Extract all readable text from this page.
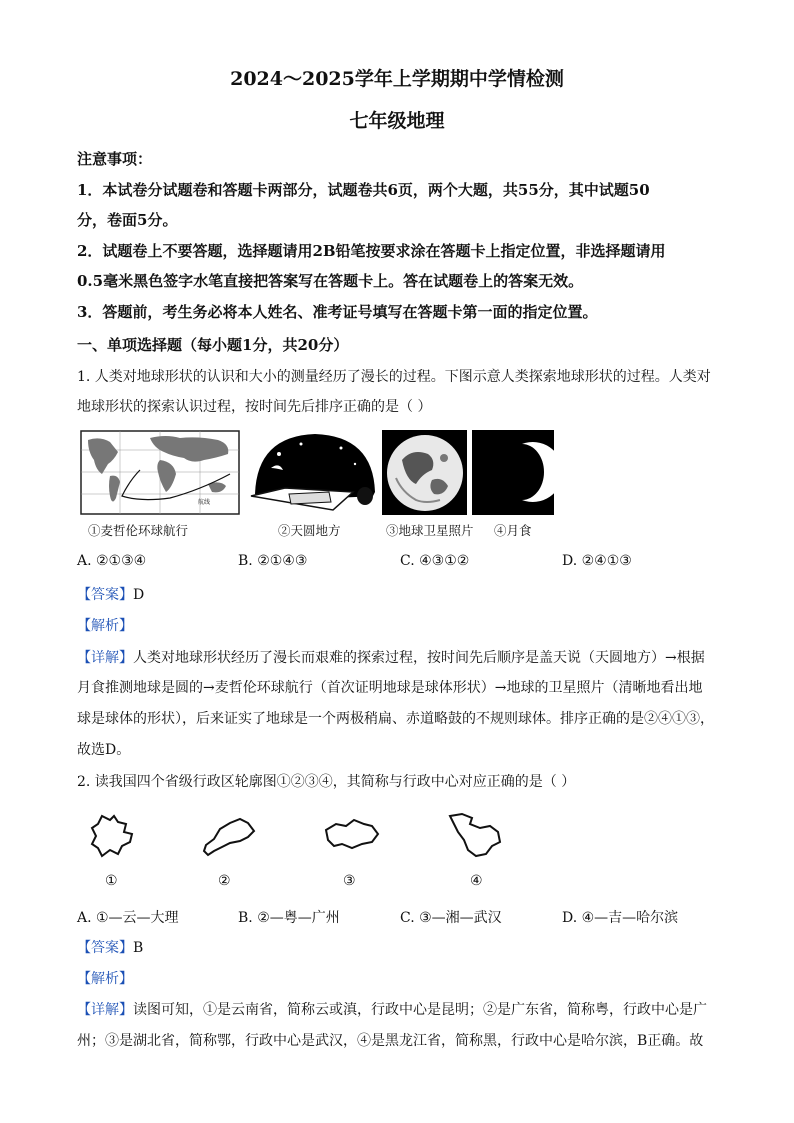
2024～2025学年上学期期中学情检测
七年级地理
注意事项：
1．本试卷分试题卷和答题卡两部分，试题卷共6页，两个大题，共55分，其中试题50
分，卷面5分。
2．试题卷上不要答题，选择题请用2B铅笔按要求涂在答题卡上指定位置，非选择题请用
0.5毫米黑色签字水笔直接把答案写在答题卡上。答在试题卷上的答案无效。
3．答题前，考生务必将本人姓名、准考证号填写在答题卡第一面的指定位置。
一、单项选择题（每小题1分，共20分）
1. 人类对地球形状的认识和大小的测量经历了漫长的过程。下图示意人类探索地球形状的过程。人类对
地球形状的探索认识过程，按时间先后排序正确的是（ ）
航线
①麦哲伦环球航行	②天圆地方	③地球卫星照片 ④月食
A. ②①③④	B. ②①④③	C. ④③①②	D. ②④①③
【答案】D
【解析】
【详解】人类对地球形状经历了漫长而艰难的探索过程，按时间先后顺序是盖天说（天圆地方）→根据
月食推测地球是圆的→麦哲伦环球航行（首次证明地球是球体形状）→地球的卫星照片（清晰地看出地
球是球体的形状），后来证实了地球是一个两极稍扁、赤道略鼓的不规则球体。排序正确的是②④①③，
故选D。
2. 读我国四个省级行政区轮廓图①②③④，其简称与行政中心对应正确的是（ ）
①	②	③	④
A. ①—云—大理	B. ②—粤—广州	C. ③—湘—武汉	D. ④—吉—哈尔滨
【答案】B
【解析】
【详解】读图可知，①是云南省，简称云或滇，行政中心是昆明；②是广东省，简称粤，行政中心是广
州；③是湖北省，简称鄂，行政中心是武汉，④是黑龙江省，简称黑，行政中心是哈尔滨，B正确。故
